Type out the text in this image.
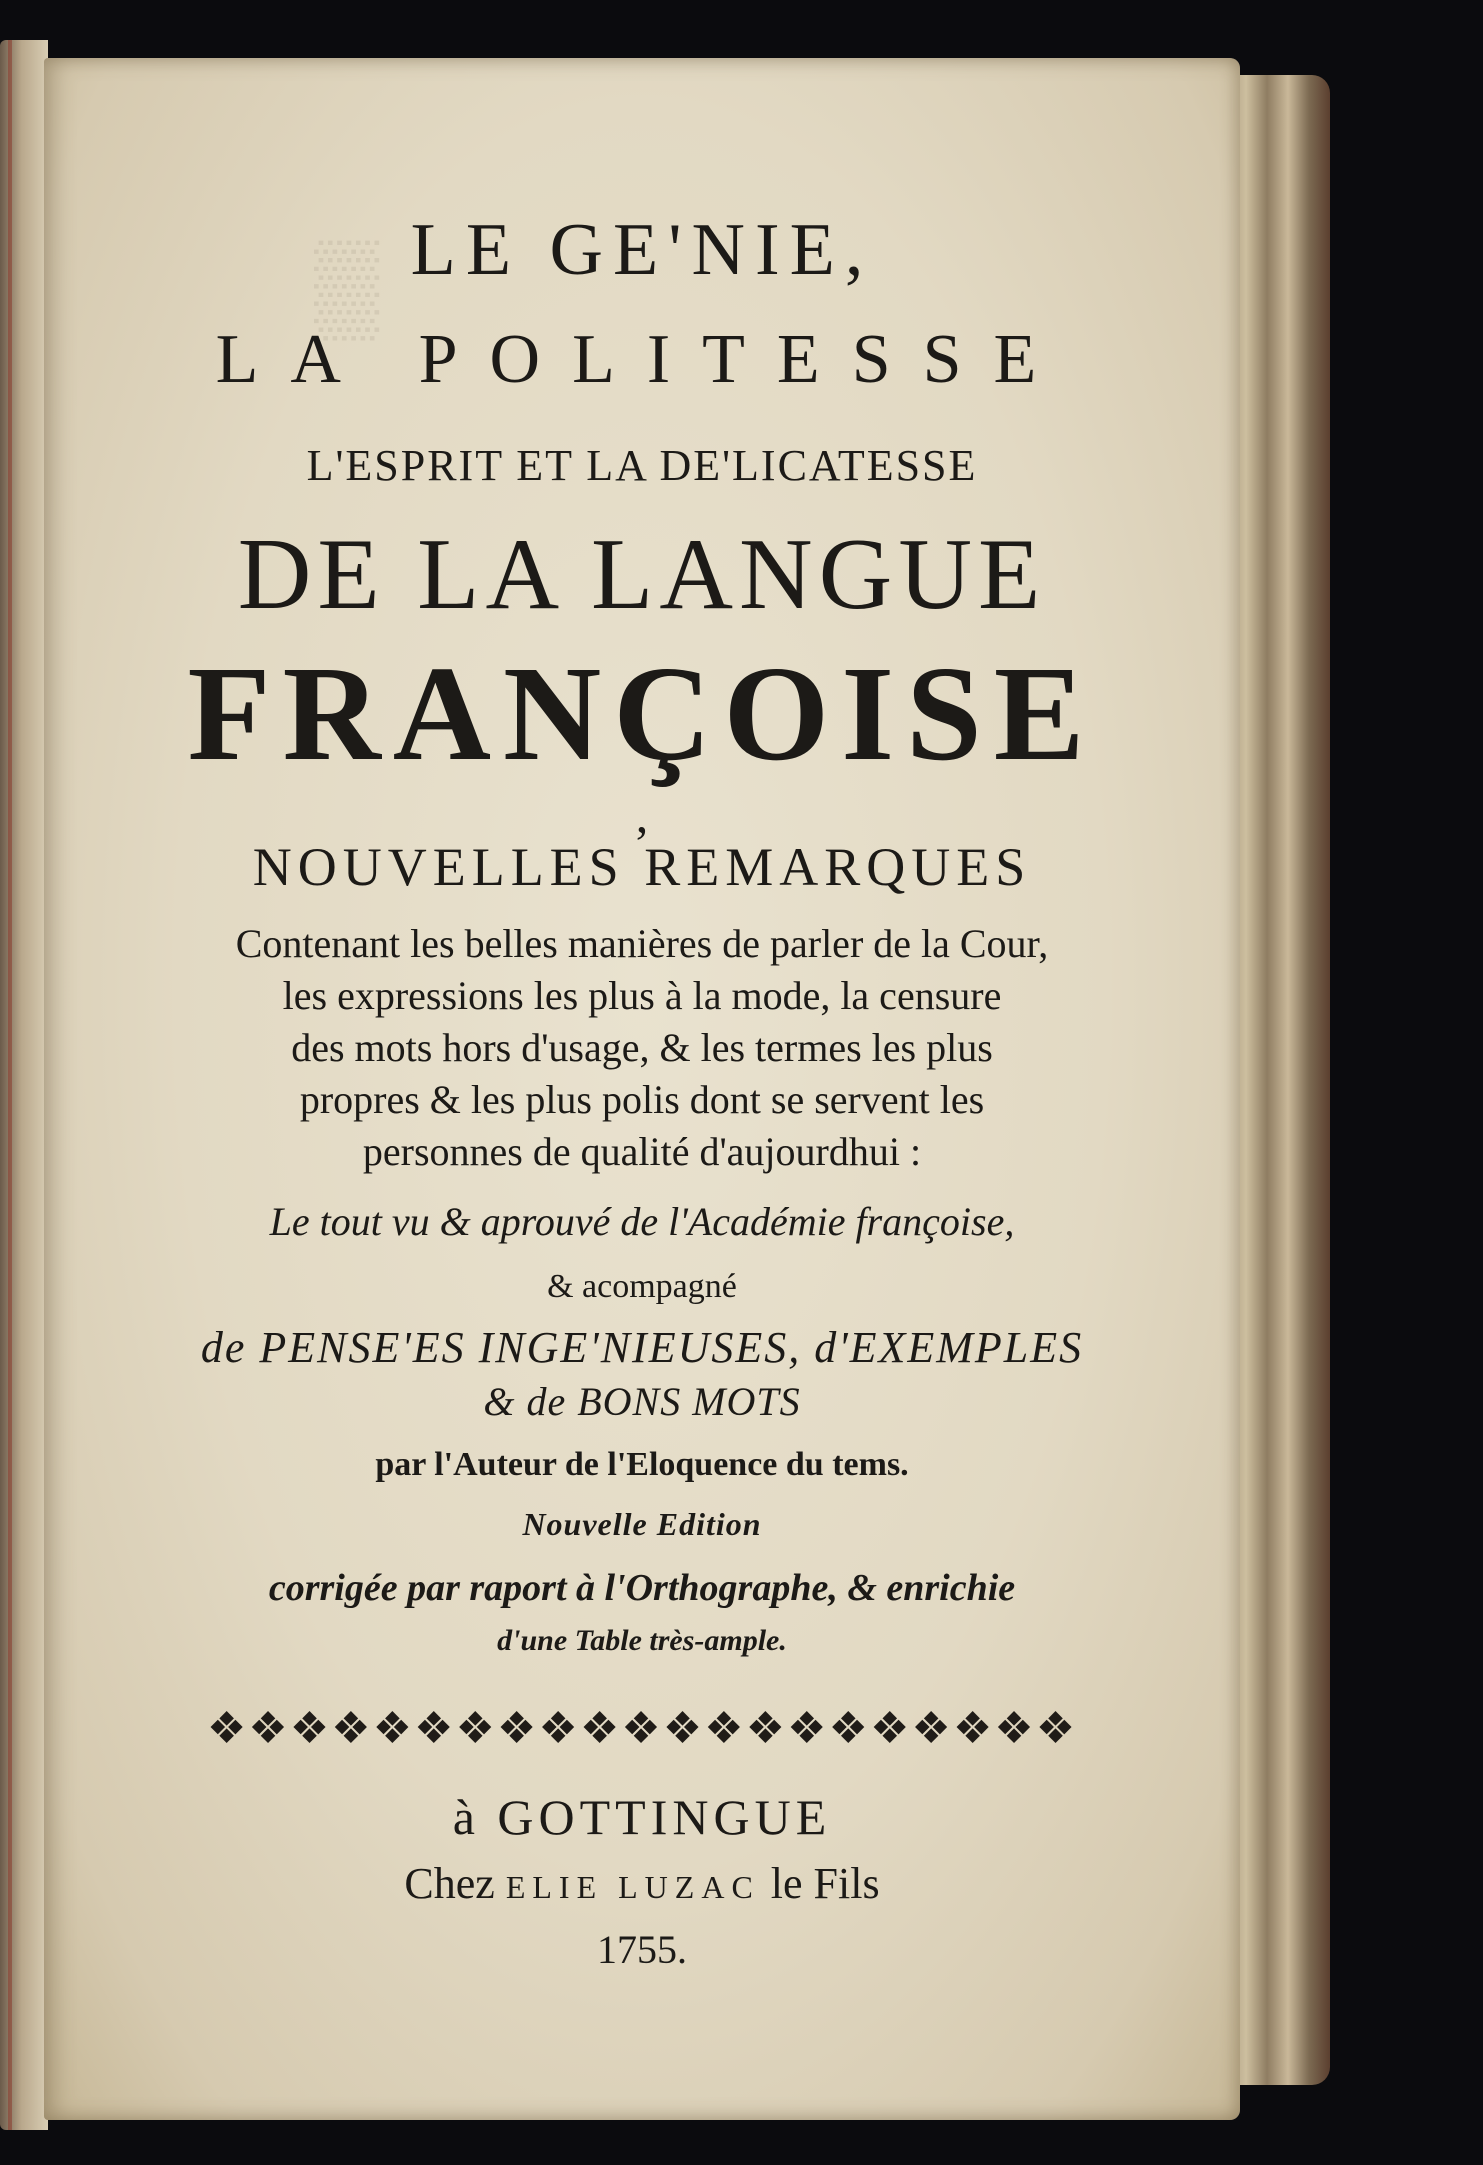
▒ LE GE'NIE,
LA POLITESSE
L'ESPRIT ET LA DE'LICATESSE
DE LA LANGUE
FRANÇOISE
,
NOUVELLES REMARQUES
Contenant les belles manières de parler de la Cour,
les expressions les plus à la mode, la censure
des mots hors d'usage, & les termes les plus
propres & les plus polis dont se servent les
personnes de qualité d'aujourdhui :
Le tout vu & aprouvé de l'Académie françoise,
& acompagné
de PENSE'ES INGE'NIEUSES, d'EXEMPLES
& de BONS MOTS
par l'Auteur de l'Eloquence du tems.
Nouvelle Edition
corrigée par raport à l'Orthographe, & enrichie
d'une Table très-ample.
❖❖❖❖❖❖❖❖❖❖❖❖❖❖❖❖❖❖❖❖❖
à GOTTINGUE
Chez ELIE LUZAC le Fils
1755.
